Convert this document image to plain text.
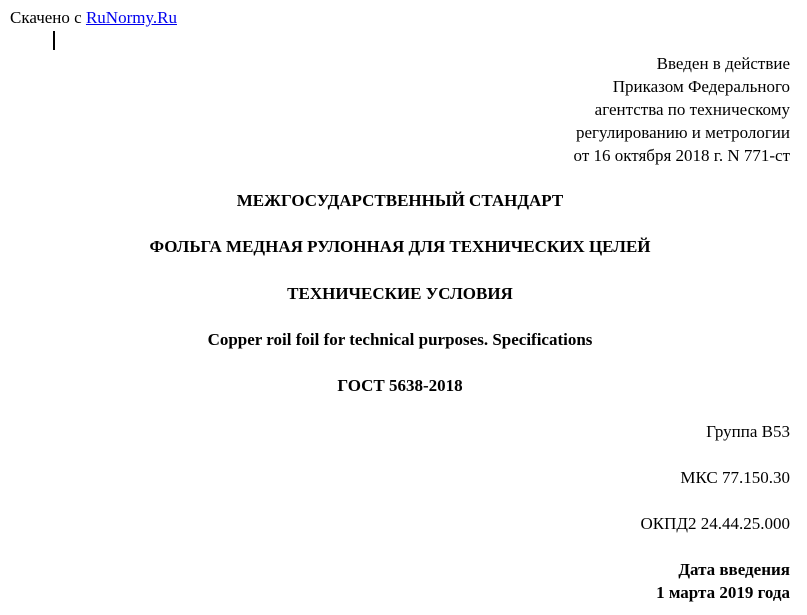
Скачено с RuNormy.Ru
Введен в действие
Приказом Федерального
агентства по техническому
регулированию и метрологии
от 16 октября 2018 г. N 771-ст
МЕЖГОСУДАРСТВЕННЫЙ СТАНДАРТ
ФОЛЬГА МЕДНАЯ РУЛОННАЯ ДЛЯ ТЕХНИЧЕСКИХ ЦЕЛЕЙ
ТЕХНИЧЕСКИЕ УСЛОВИЯ
Copper roil foil for technical purposes. Specifications
ГОСТ 5638-2018
Группа В53
МКС 77.150.30
ОКПД2 24.44.25.000
Дата введения
1 марта 2019 года
